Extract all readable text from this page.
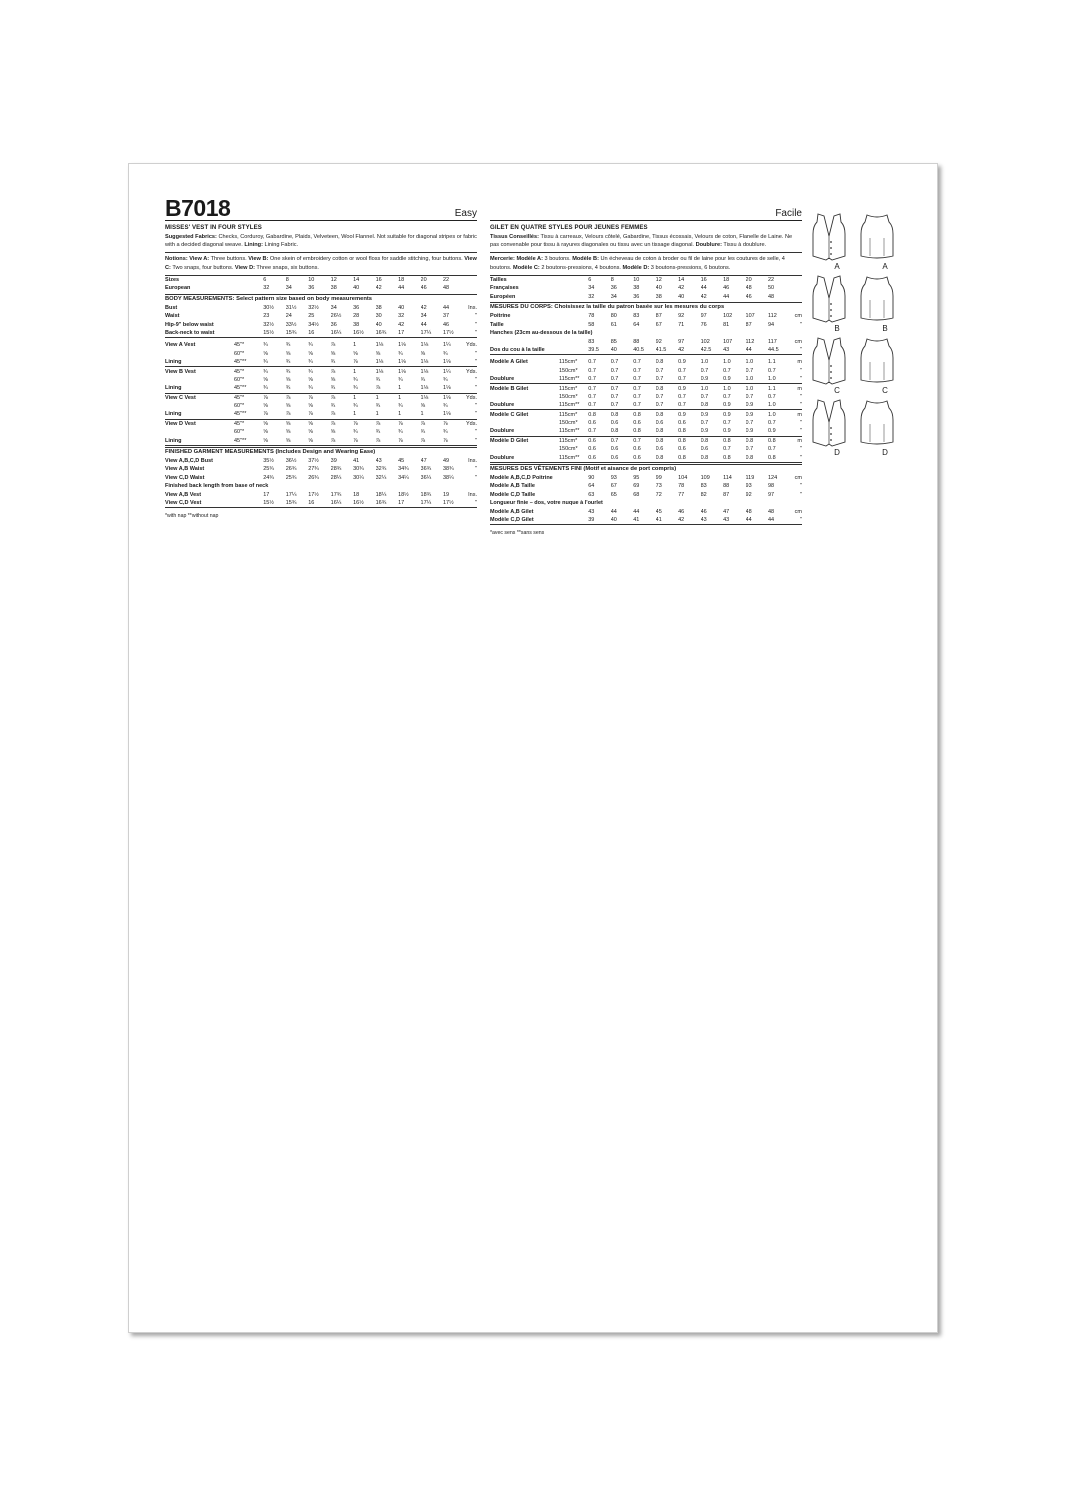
B7018	Easy
MISSES' VEST IN FOUR STYLES
Suggested Fabrics: Checks, Corduroy, Gabardine, Plaids, Velveteen, Wool Flannel. Not suitable for diagonal stripes or fabric with a decided diagonal weave. Lining: Lining Fabric.
Notions: View A: Three buttons. View B: One skein of embroidery cotton or wool floss for saddle stitching, four buttons. View C: Two snaps, four buttons. View D: Three snaps, six buttons.
Sizes		6	8	10	12	14	16	18	20	22	
European		32	34	36	38	40	42	44	46	48	
BODY MEASUREMENTS: Select pattern size based on body measurements
Bust		30½	31½	32½	34	36	38	40	42	44	Ins.
Waist		23	24	25	26½	28	30	32	34	37	"
Hip-9" below waist		32½	33½	34½	36	38	40	42	44	46	"
Back-neck to waist		15½	15¾	16	16¼	16½	16¾	17	17¼	17½	"
View A Vest	45"*	¾	¾	¾	⅞	1	1⅛	1⅛	1⅛	1¼	Yds.
	60"*	⅝	⅝	⅝	⅝	⅝	⅝	¾	⅝	¾	"
Lining	45"**	¾	¾	¾	¾	⅞	1⅛	1⅛	1⅛	1⅛	"
View B Vest	45"*	¾	¾	¾	⅞	1	1⅛	1⅛	1⅛	1¼	Yds.
	60"*	⅝	⅝	⅝	⅝	¾	¾	¾	¾	¾	"
Lining	45"**	¾	¾	¾	¾	¾	⅞	1	1⅛	1⅛	"
View C Vest	45"*	⅞	⅞	⅞	⅞	1	1	1	1⅛	1⅛	Yds.
	60"*	⅝	⅝	⅝	¾	¾	¾	¾	⅝	¾	"
Lining	45"**	⅞	⅞	⅞	⅞	1	1	1	1	1⅛	"
View D Vest	45"*	⅝	⅝	⅝	⅞	⅞	⅞	⅞	⅞	⅞	Yds.
	60"*	⅝	⅝	⅝	⅝	¾	¾	¾	¾	¾	"
Lining	45"**	⅝	⅝	⅝	⅞	⅞	⅞	⅞	⅞	⅞	"
FINISHED GARMENT MEASUREMENTS (Includes Design and Wearing Ease)
View A,B,C,D Bust		35½	36½	37½	39	41	43	45	47	49	Ins.
View A,B Waist		25¾	26¾	27¾	28¾	30¾	32¾	34¾	36¾	38¾	"
View C,D Waist		24¾	25¾	26¾	28¼	30¼	32¼	34¼	36¼	38¼	"
Finished back length from base of neck
View A,B Vest		17	17¼	17½	17¾	18	18¼	18½	18¾	19	Ins.
View C,D Vest		15½	15¾	16	16¼	16½	16¾	17	17¼	17½	"
*with nap **without nap
Facile
GILET EN QUATRE STYLES POUR JEUNES FEMMES
Tissus Conseillés: Tissu à carreaux, Velours côtelé, Gabardine, Tissus écossais, Velours de coton, Flanelle de Laine. Ne pas convenable pour tissu à rayures diagonales ou tissu avec un tissage diagonal. Doublure: Tissu à doublure.
Mercerie: Modèle A: 3 boutons. Modèle B: Un écheveau de coton à broder ou fil de laine pour les coutures de selle, 4 boutons. Modèle C: 2 boutons-pressions, 4 boutons. Modèle D: 3 boutons-pressions, 6 boutons.
Tailles		6	8	10	12	14	16	18	20	22	
Françaises		34	36	38	40	42	44	46	48	50	
Européen		32	34	36	38	40	42	44	46	48	
MESURES DU CORPS: Choisissez la taille du patron basée sur les mesures du corps
Poitrine		78	80	83	87	92	97	102	107	112	cm
Taille		58	61	64	67	71	76	81	87	94	"
Hanches (23cm au-dessous de la taille)
		83	85	88	92	97	102	107	112	117	cm
Dos du cou à la taille		39.5	40	40.5	41.5	42	42.5	43	44	44.5	"
Modèle A Gilet	115cm*	0.7	0.7	0.7	0.8	0.9	1.0	1.0	1.0	1.1	m
	150cm*	0.7	0.7	0.7	0.7	0.7	0.7	0.7	0.7	0.7	"
Doublure	115cm**	0.7	0.7	0.7	0.7	0.7	0.9	0.9	1.0	1.0	"
Modèle B Gilet	115cm*	0.7	0.7	0.7	0.8	0.9	1.0	1.0	1.0	1.1	m
	150cm*	0.7	0.7	0.7	0.7	0.7	0.7	0.7	0.7	0.7	"
Doublure	115cm**	0.7	0.7	0.7	0.7	0.7	0.8	0.9	0.9	1.0	"
Modèle C Gilet	115cm*	0.8	0.8	0.8	0.8	0.9	0.9	0.9	0.9	1.0	m
	150cm*	0.6	0.6	0.6	0.6	0.6	0.7	0.7	0.7	0.7	"
Doublure	115cm**	0.7	0.8	0.8	0.8	0.8	0.9	0.9	0.9	0.9	"
Modèle D Gilet	115cm*	0.6	0.7	0.7	0.8	0.8	0.8	0.8	0.8	0.8	m
	150cm*	0.6	0.6	0.6	0.6	0.6	0.6	0.7	0.7	0.7	"
Doublure	115cm**	0.6	0.6	0.6	0.8	0.8	0.8	0.8	0.8	0.8	"
MESURES DES VÊTEMENTS FINI (Motif et aisance de port compris)
Modèle A,B,C,D Poitrine		90	93	95	99	104	109	114	119	124	cm
Modèle A,B Taille		64	67	69	73	78	83	88	93	98	"
Modèle C,D Taille		63	65	68	72	77	82	87	92	97	"
Longueur finie – dos, votre nuque à l'ourlet
Modèle A,B Gilet		43	44	44	45	46	46	47	48	48	cm
Modèle C,D Gilet		39	40	41	41	42	43	43	44	44	"
*avec sens **sans sens
A	A
B	B
C	C
D	D
